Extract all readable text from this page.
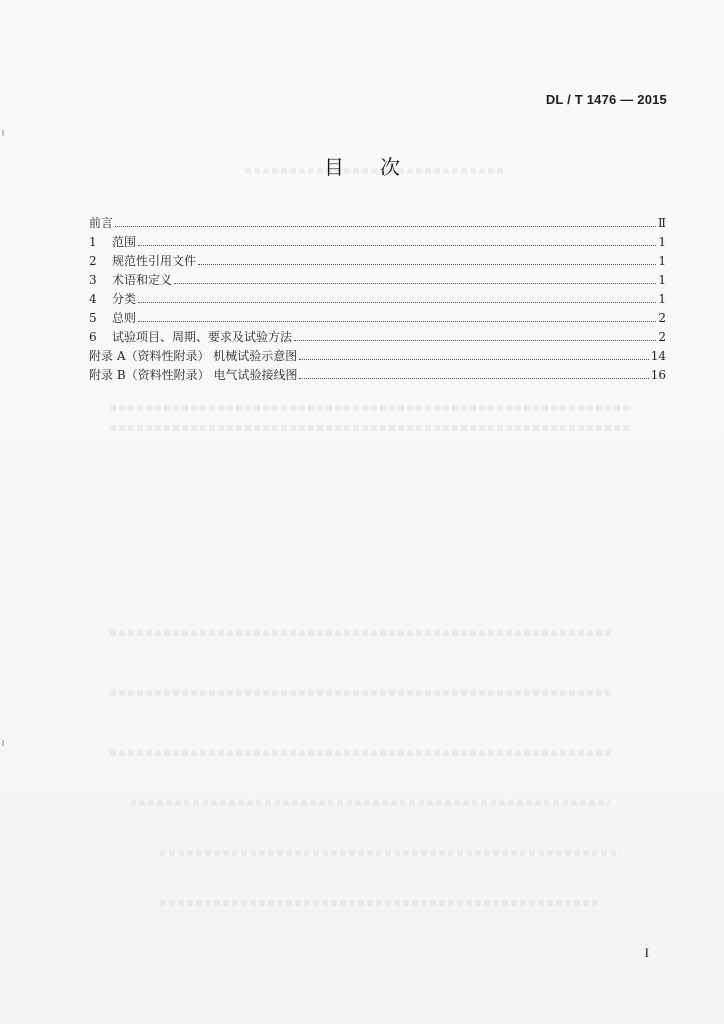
DL / T 1476 — 2015
目 次
前言	Ⅱ
1 范围	1
2 规范性引用文件	1
3 术语和定义	1
4 分类	1
5 总则	2
6 试验项目、周期、要求及试验方法	2
附录 A（资料性附录） 机械试验示意图	14
附录 B（资料性附录） 电气试验接线图	16
I
